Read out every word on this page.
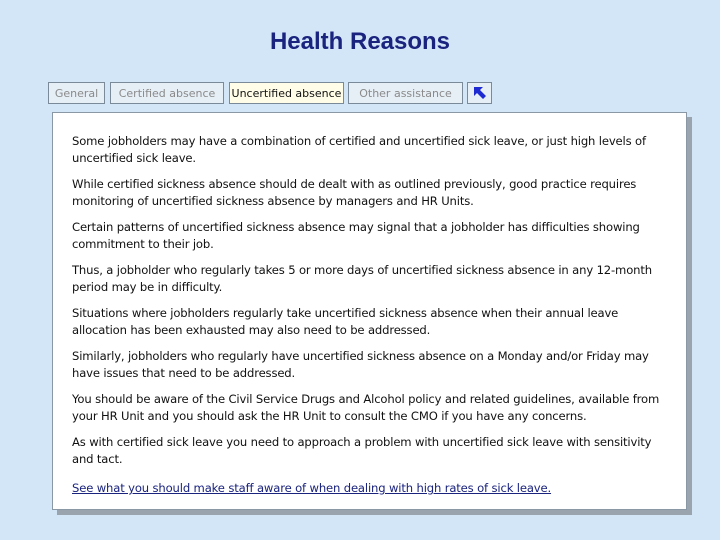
Health Reasons
General	Certified absence	Uncertified absence	Other assistance

Some jobholders may have a combination of certified and uncertified sick leave, or just high levels of uncertified sick leave.

While certified sickness absence should de dealt with as outlined previously, good practice requires monitoring of uncertified sickness absence by managers and HR Units.

Certain patterns of uncertified sickness absence may signal that a jobholder has difficulties showing commitment to their job.

Thus, a jobholder who regularly takes 5 or more days of uncertified sickness absence in any 12-month period may be in difficulty.

Situations where jobholders regularly take uncertified sickness absence when their annual leave allocation has been exhausted may also need to be addressed.

Similarly, jobholders who regularly have uncertified sickness absence on a Monday and/or Friday may have issues that need to be addressed.

You should be aware of the Civil Service Drugs and Alcohol policy and related guidelines, available from your HR Unit and you should ask the HR Unit to consult the CMO if you have any concerns.

As with certified sick leave you need to approach a problem with uncertified sick leave with sensitivity and tact.

See what you should make staff aware of when dealing with high rates of sick leave.
